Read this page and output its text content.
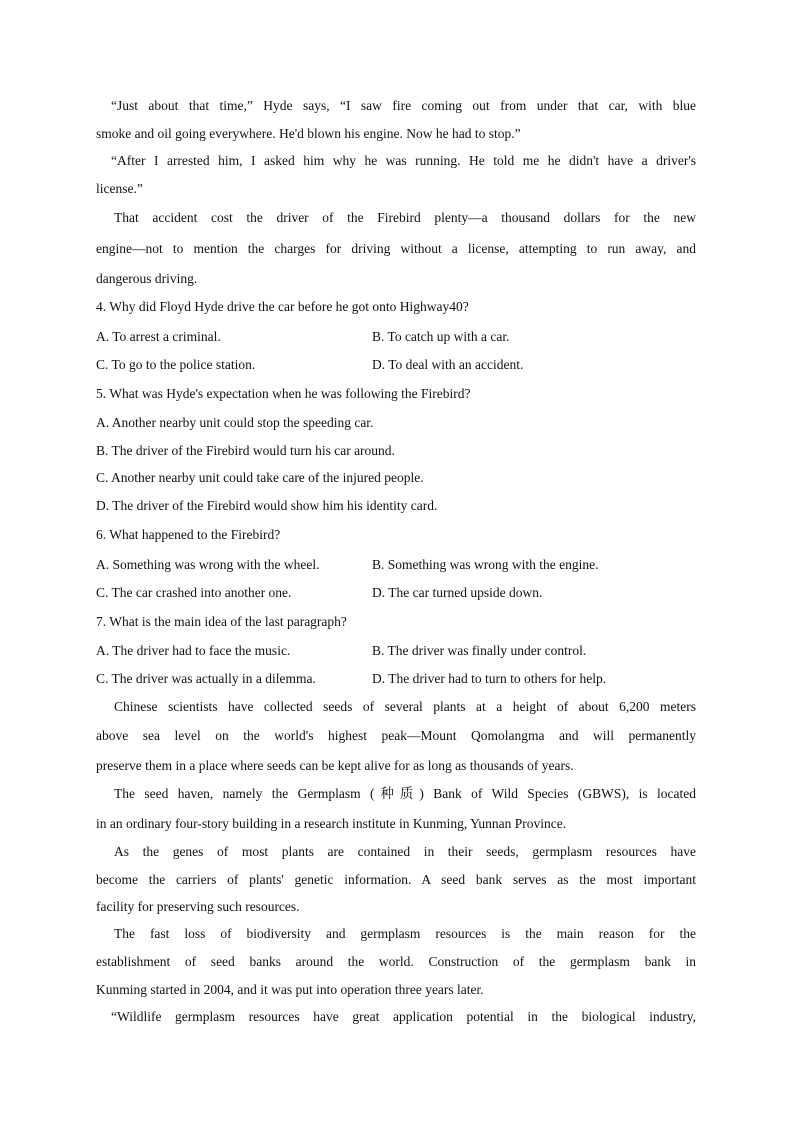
“Just about that time,” Hyde says, “I saw fire coming out from under that car, with blue
smoke and oil going everywhere. He'd blown his engine. Now he had to stop.”
“After I arrested him, I asked him why he was running. He told me he didn't have a driver's
license.”
That accident cost the driver of the Firebird plenty—a thousand dollars for the new
engine—not to mention the charges for driving without a license, attempting to run away, and
dangerous driving.
4. Why did Floyd Hyde drive the car before he got onto Highway40?
A. To arrest a criminal.	B. To catch up with a car.
C. To go to the police station.	D. To deal with an accident.
5. What was Hyde's expectation when he was following the Firebird?
A. Another nearby unit could stop the speeding car.
B. The driver of the Firebird would turn his car around.
C. Another nearby unit could take care of the injured people.
D. The driver of the Firebird would show him his identity card.
6. What happened to the Firebird?
A. Something was wrong with the wheel.	B. Something was wrong with the engine.
C. The car crashed into another one.	D. The car turned upside down.
7. What is the main idea of the last paragraph?
A. The driver had to face the music.	B. The driver was finally under control.
C. The driver was actually in a dilemma.	D. The driver had to turn to others for help.
Chinese scientists have collected seeds of several plants at a height of about 6,200 meters
above sea level on the world's highest peak—Mount Qomolangma and will permanently
preserve them in a place where seeds can be kept alive for as long as thousands of years.
The seed haven, namely the Germplasm (种质) Bank of Wild Species (GBWS), is located
in an ordinary four-story building in a research institute in Kunming, Yunnan Province.
As the genes of most plants are contained in their seeds, germplasm resources have
become the carriers of plants' genetic information. A seed bank serves as the most important
facility for preserving such resources.
The fast loss of biodiversity and germplasm resources is the main reason for the
establishment of seed banks around the world. Construction of the germplasm bank in
Kunming started in 2004, and it was put into operation three years later.
“Wildlife germplasm resources have great application potential in the biological industry,
